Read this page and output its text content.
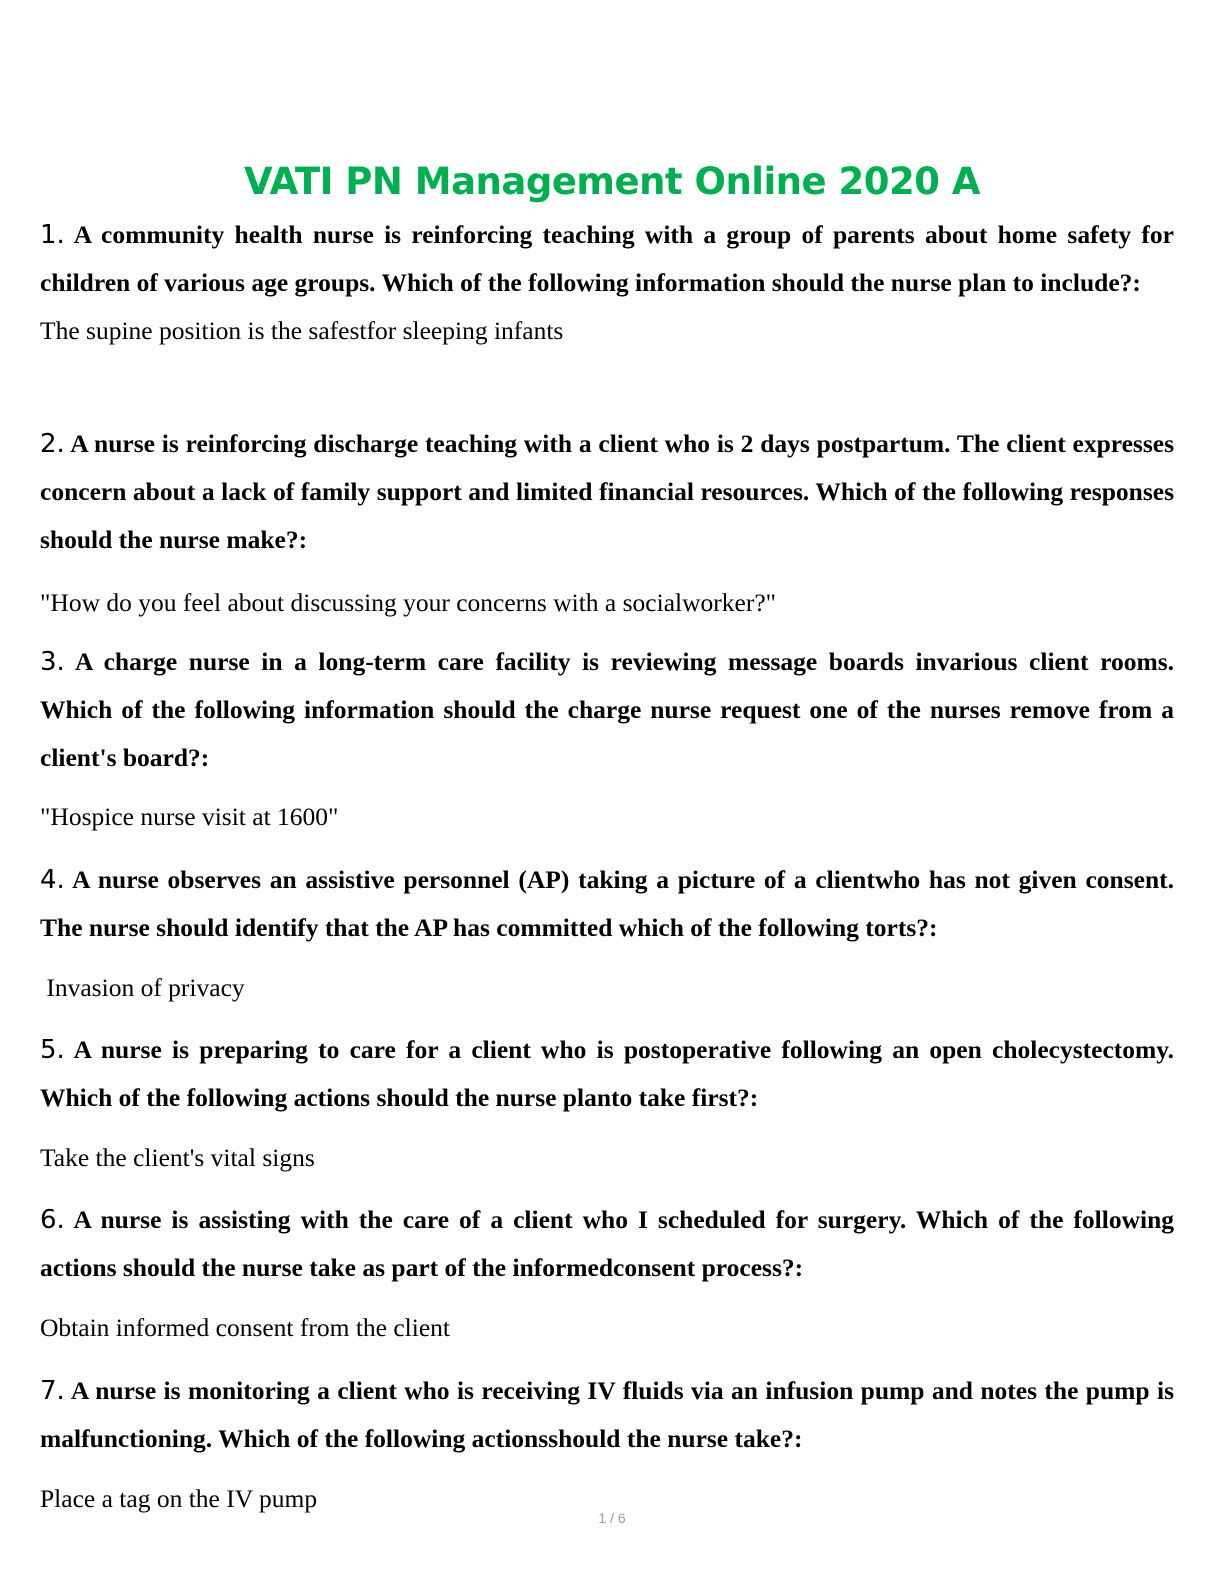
VATI PN Management Online 2020 A

1. A community health nurse is reinforcing teaching with a group of parents about home safety for children of various age groups. Which of the following information should the nurse plan to include?:

The supine position is the safestfor sleeping infants

2. A nurse is reinforcing discharge teaching with a client who is 2 days postpartum. The client expresses concern about a lack of family support and limited financial resources. Which of the following responses should the nurse make?:

"How do you feel about discussing your concerns with a socialworker?"

3. A charge nurse in a long-term care facility is reviewing message boards invarious client rooms. Which of the following information should the charge nurse request one of the nurses remove from a client's board?:

"Hospice nurse visit at 1600"

4. A nurse observes an assistive personnel (AP) taking a picture of a clientwho has not given consent. The nurse should identify that the AP has committed which of the following torts?:

Invasion of privacy

5. A nurse is preparing to care for a client who is postoperative following an open cholecystectomy. Which of the following actions should the nurse planto take first?:

Take the client's vital signs

6. A nurse is assisting with the care of a client who I scheduled for surgery. Which of the following actions should the nurse take as part of the informedconsent process?:

Obtain informed consent from the client

7. A nurse is monitoring a client who is receiving IV fluids via an infusion pump and notes the pump is malfunctioning. Which of the following actionsshould the nurse take?:

Place a tag on the IV pump

1 / 6
